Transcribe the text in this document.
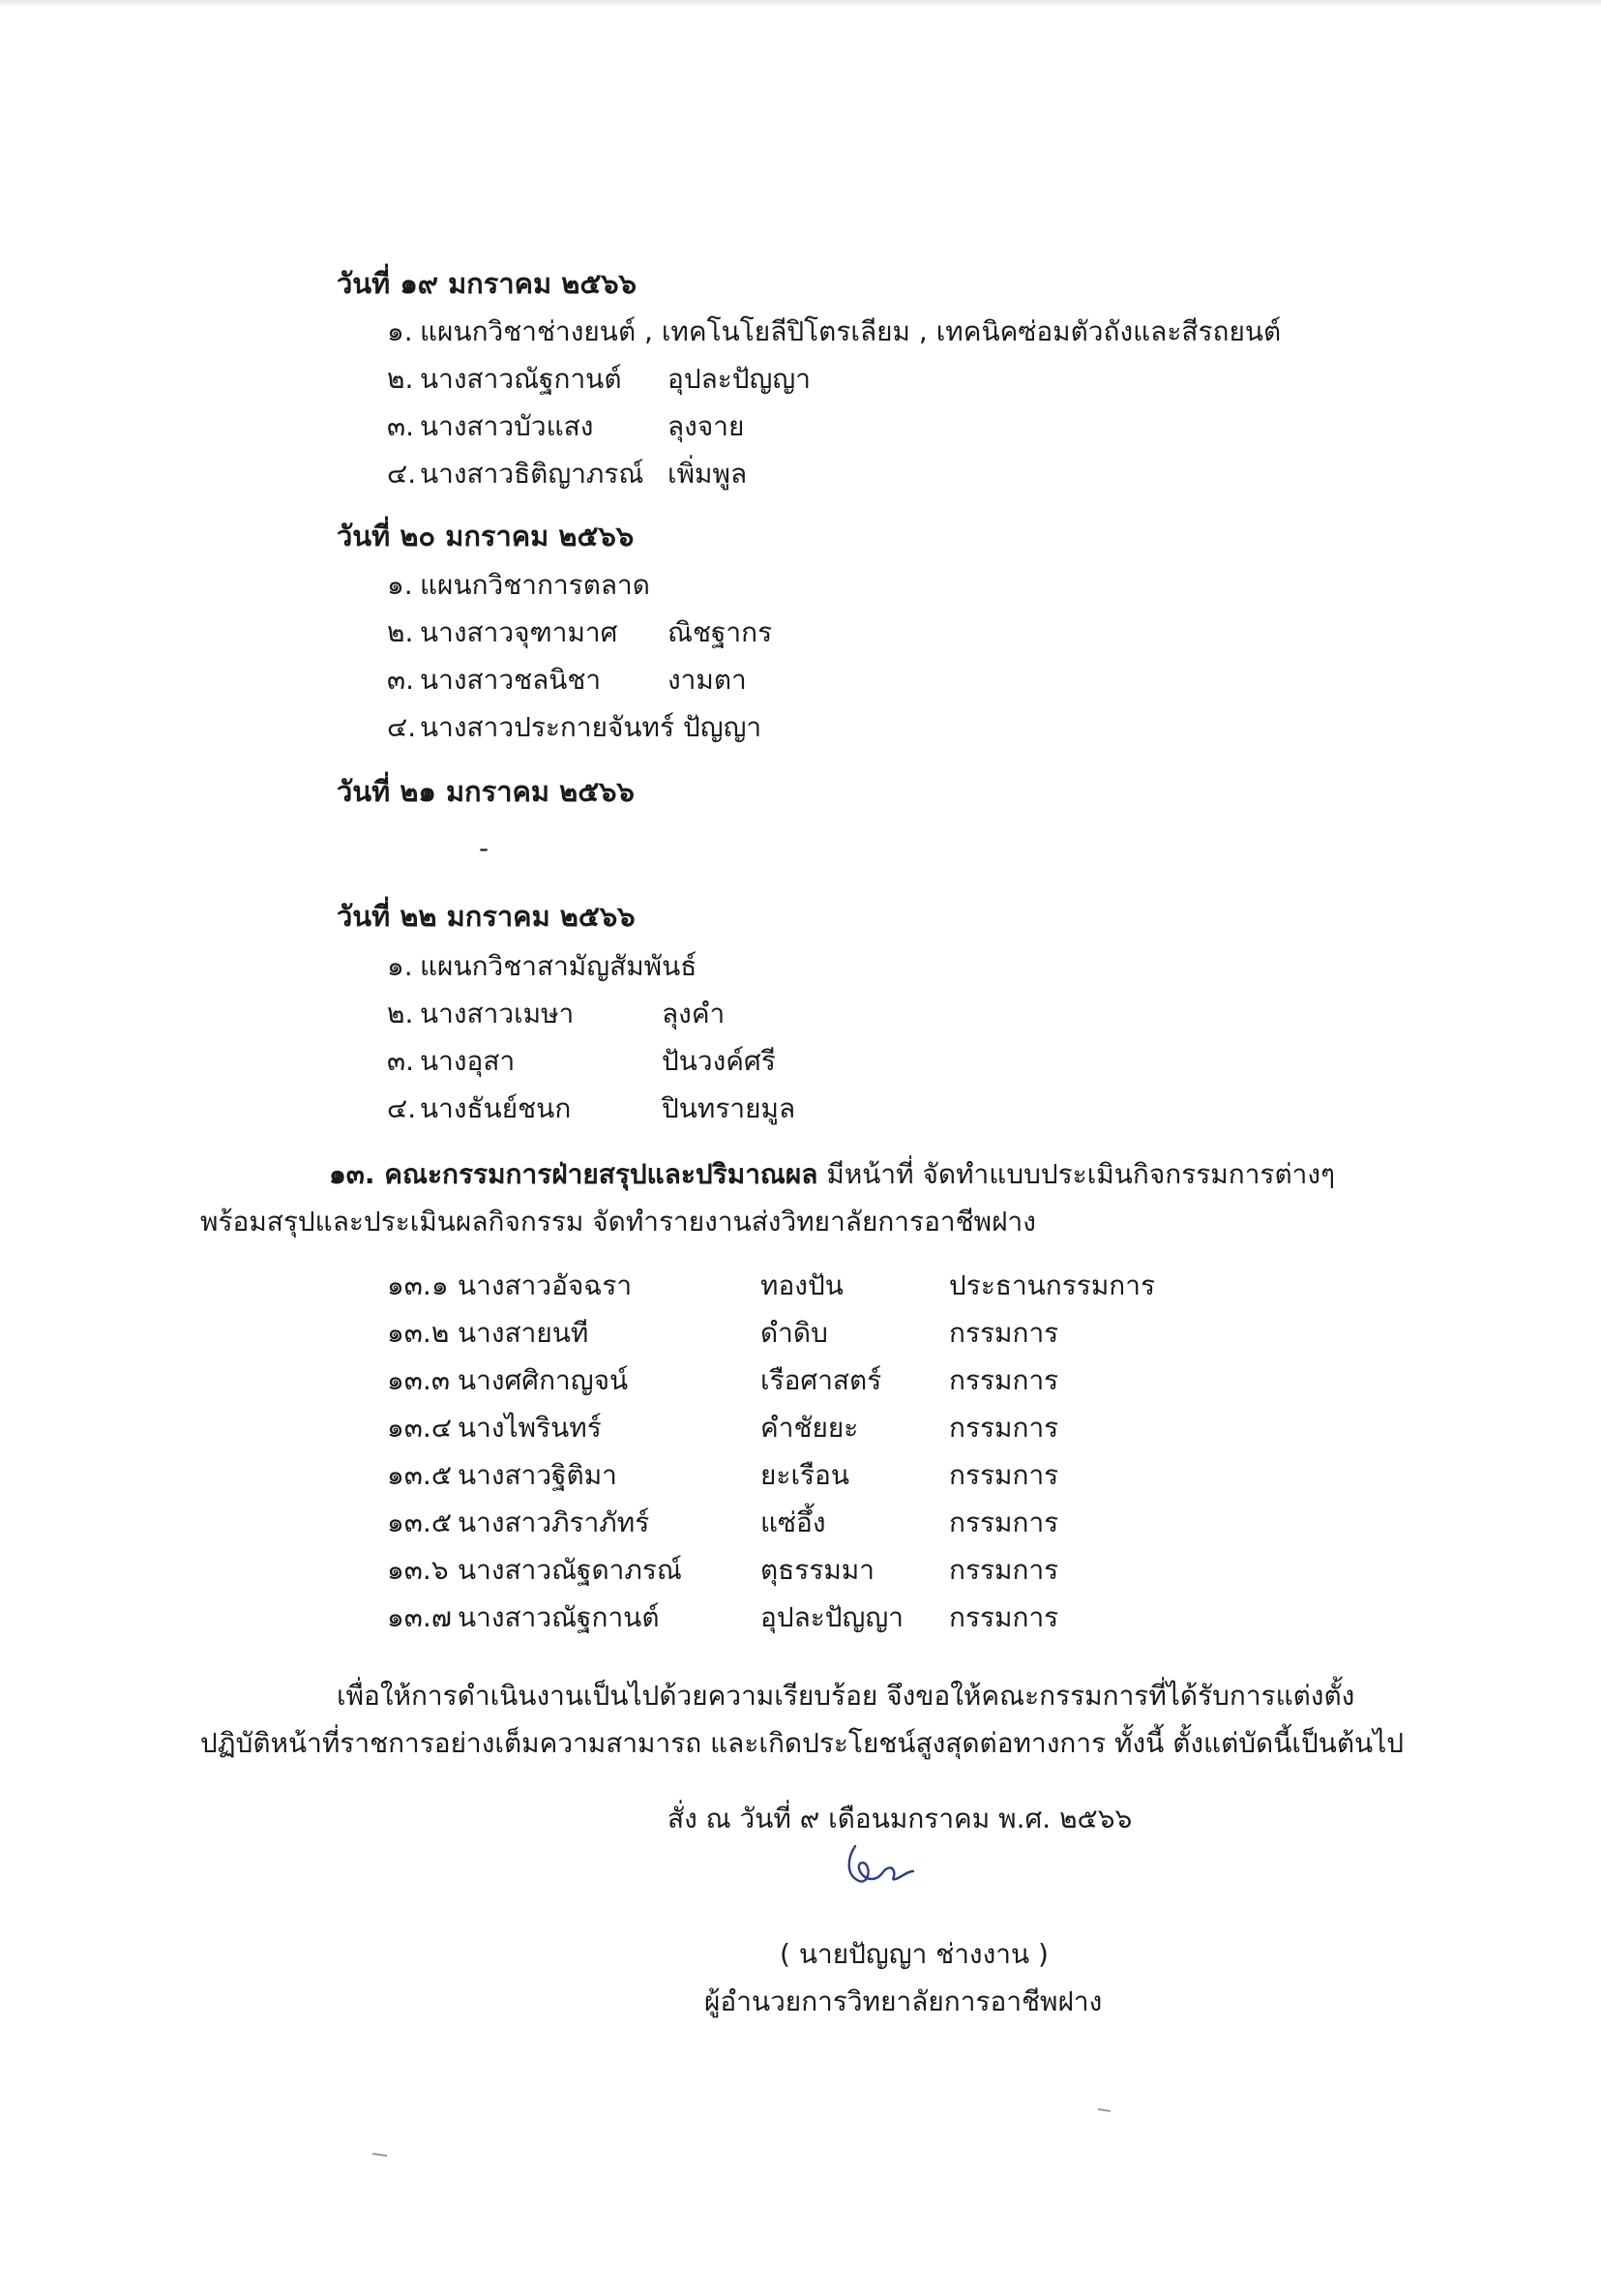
วันที่ ๑๙ มกราคม ๒๕๖๖
๑. แผนกวิชาช่างยนต์ , เทคโนโยลีปิโตรเลียม , เทคนิคซ่อมตัวถังและสีรถยนต์
๒. นางสาวณัฐกานต์ อุปละปัญญา
๓. นางสาวบัวแสง	ลุงจาย
๔. นางสาวธิติญาภรณ์ เพิ่มพูล
วันที่ ๒๐ มกราคม ๒๕๖๖
๑. แผนกวิชาการตลาด
๒. นางสาวจุฑามาศ ณิชฐากร
๓. นางสาวชลนิชา งามตา
๔. นางสาวประกายจันทร์ ปัญญา
วันที่ ๒๑ มกราคม ๒๕๖๖
-
วันที่ ๒๒ มกราคม ๒๕๖๖
๑. แผนกวิชาสามัญสัมพันธ์
๒. นางสาวเมษา	ลุงคำ
๓. นางอุสา	ปันวงค์ศรี
๔. นางธันย์ชนก	ปินทรายมูล
๑๓. คณะกรรมการฝ่ายสรุปและปริมาณผล มีหน้าที่ จัดทำแบบประเมินกิจกรรมการต่างๆ
พร้อมสรุปและประเมินผลกิจกรรม จัดทำรายงานส่งวิทยาลัยการอาชีพฝาง
๑๓.๑ นางสาวอัจฉรา	ทองปัน	ประธานกรรมการ
๑๓.๒ นางสายนที	ดำดิบ	กรรมการ
๑๓.๓ นางศศิกาญจน์	เรือศาสตร์ กรรมการ
๑๓.๔ นางไพรินทร์	คำชัยยะ	กรรมการ
๑๓.๕ นางสาวฐิติมา	ยะเรือน	กรรมการ
๑๓.๕ นางสาวภิราภัทร์	แซ่อึ้ง	กรรมการ
๑๓.๖ นางสาวณัฐดาภรณ์	ตุธรรมมา	กรรมการ
๑๓.๗ นางสาวณัฐกานต์	อุปละปัญญา กรรมการ
เพื่อให้การดำเนินงานเป็นไปด้วยความเรียบร้อย จึงขอให้คณะกรรมการที่ได้รับการแต่งตั้ง
ปฏิบัติหน้าที่ราชการอย่างเต็มความสามารถ และเกิดประโยชน์สูงสุดต่อทางการ ทั้งนี้ ตั้งแต่บัดนี้เป็นต้นไป
สั่ง ณ วันที่ ๙ เดือนมกราคม พ.ศ. ๒๕๖๖
( นายปัญญา ช่างงาน )
ผู้อำนวยการวิทยาลัยการอาชีพฝาง
